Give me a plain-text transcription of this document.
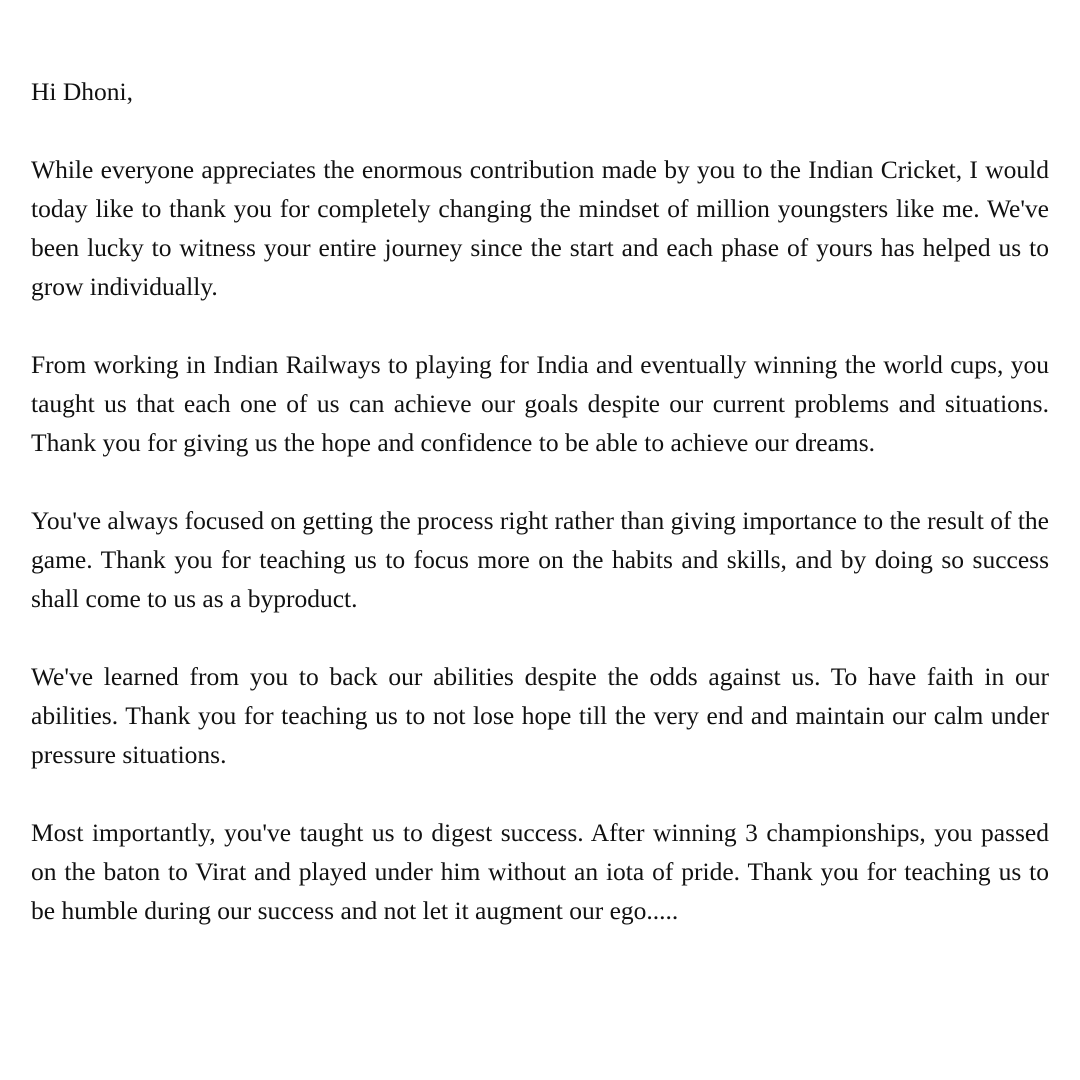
Hi Dhoni,

While everyone appreciates the enormous contribution made by you to the Indian Cricket, I would today like to thank you for completely changing the mindset of million youngsters like me. We've been lucky to witness your entire journey since the start and each phase of yours has helped us to grow individually.

From working in Indian Railways to playing for India and eventually winning the world cups, you taught us that each one of us can achieve our goals despite our current problems and situations. Thank you for giving us the hope and confidence to be able to achieve our dreams.

You've always focused on getting the process right rather than giving importance to the result of the game. Thank you for teaching us to focus more on the habits and skills, and by doing so success shall come to us as a byproduct.

We've learned from you to back our abilities despite the odds against us. To have faith in our abilities. Thank you for teaching us to not lose hope till the very end and maintain our calm under pressure situations.

Most importantly, you've taught us to digest success. After winning 3 championships, you passed on the baton to Virat and played under him without an iota of pride. Thank you for teaching us to be humble during our success and not let it augment our ego.....
